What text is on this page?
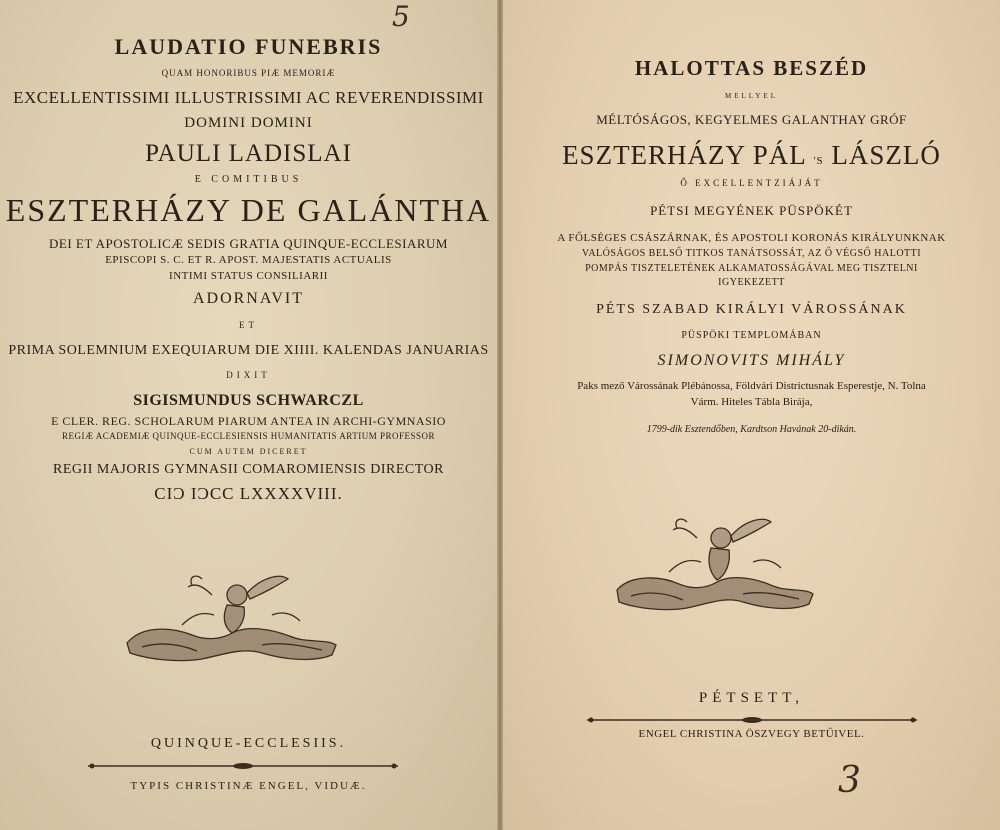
5

LAUDATIO FUNEBRIS

QUAM HONORIBUS PIÆ MEMORIÆ

EXCELLENTISSIMI ILLUSTRISSIMI AC REVERENDISSIMI

DOMINI DOMINI

PAULI LADISLAI

E COMITIBUS

ESZTERHÁZY DE GALÁNTHA

DEI ET APOSTOLICÆ SEDIS GRATIA QUINQUE-ECCLESIARUM

EPISCOPI S. C. ET R. APOST. MAJESTATIS ACTUALIS

INTIMI STATUS CONSILIARII

ADORNAVIT

ET

PRIMA SOLEMNIUM EXEQUIARUM DIE XIIII. KALENDAS JANUARIAS

DIXIT

SIGISMUNDUS SCHWARCZL

E CLER. REG. SCHOLARUM PIARUM ANTEA IN ARCHI-GYMNASIO

REGIÆ ACADEMIÆ QUINQUE-ECCLESIENSIS HUMANITATIS ARTIUM PROFESSOR

CUM AUTEM DICERET

REGII MAJORIS GYMNASII COMAROMIENSIS DIRECTOR

CIϽ IϽCC LXXXXVIII.

QUINQUE-ECCLESIIS.

TYPIS CHRISTINÆ ENGEL, VIDUÆ.

HALOTTAS BESZÉD

MELLYEL

MÉLTÓSÁGOS, KEGYELMES GALANTHAY GRÓF

ESZTERHÁZY PÁL 'S LÁSZLÓ

Ő EXCELLENTZIÁJÁT

PÉTSI MEGYÉNEK PÜSPÖKÉT

A FŐLSÉGES CSÁSZÁRNAK, ÉS APOSTOLI KORONÁS KIRÁLYUNKNAK

VALÓSÁGOS BELSŐ TITKOS TANÁTSOSSÁT, AZ Ő VÉGSŐ HALOTTI

POMPÁS TISZTELETÉNEK ALKAMATOSSÁGÁVAL MEG TISZTELNI

IGYEKEZETT

PÉTS SZABAD KIRÁLYI VÁROSSÁNAK

PÜSPÖKI TEMPLOMÁBAN

SIMONOVITS MIHÁLY

Paks mező Várossának Plébánossa, Földvári Districtusnak Esperestje, N. Tolna

Várm. Hiteles Tábla Birája,

1799-dik Esztendőben, Kardtson Havának 20-dikán.

PÉTSETT,

ENGEL CHRISTINA ÖSZVEGY BETŰIVEL.

3
